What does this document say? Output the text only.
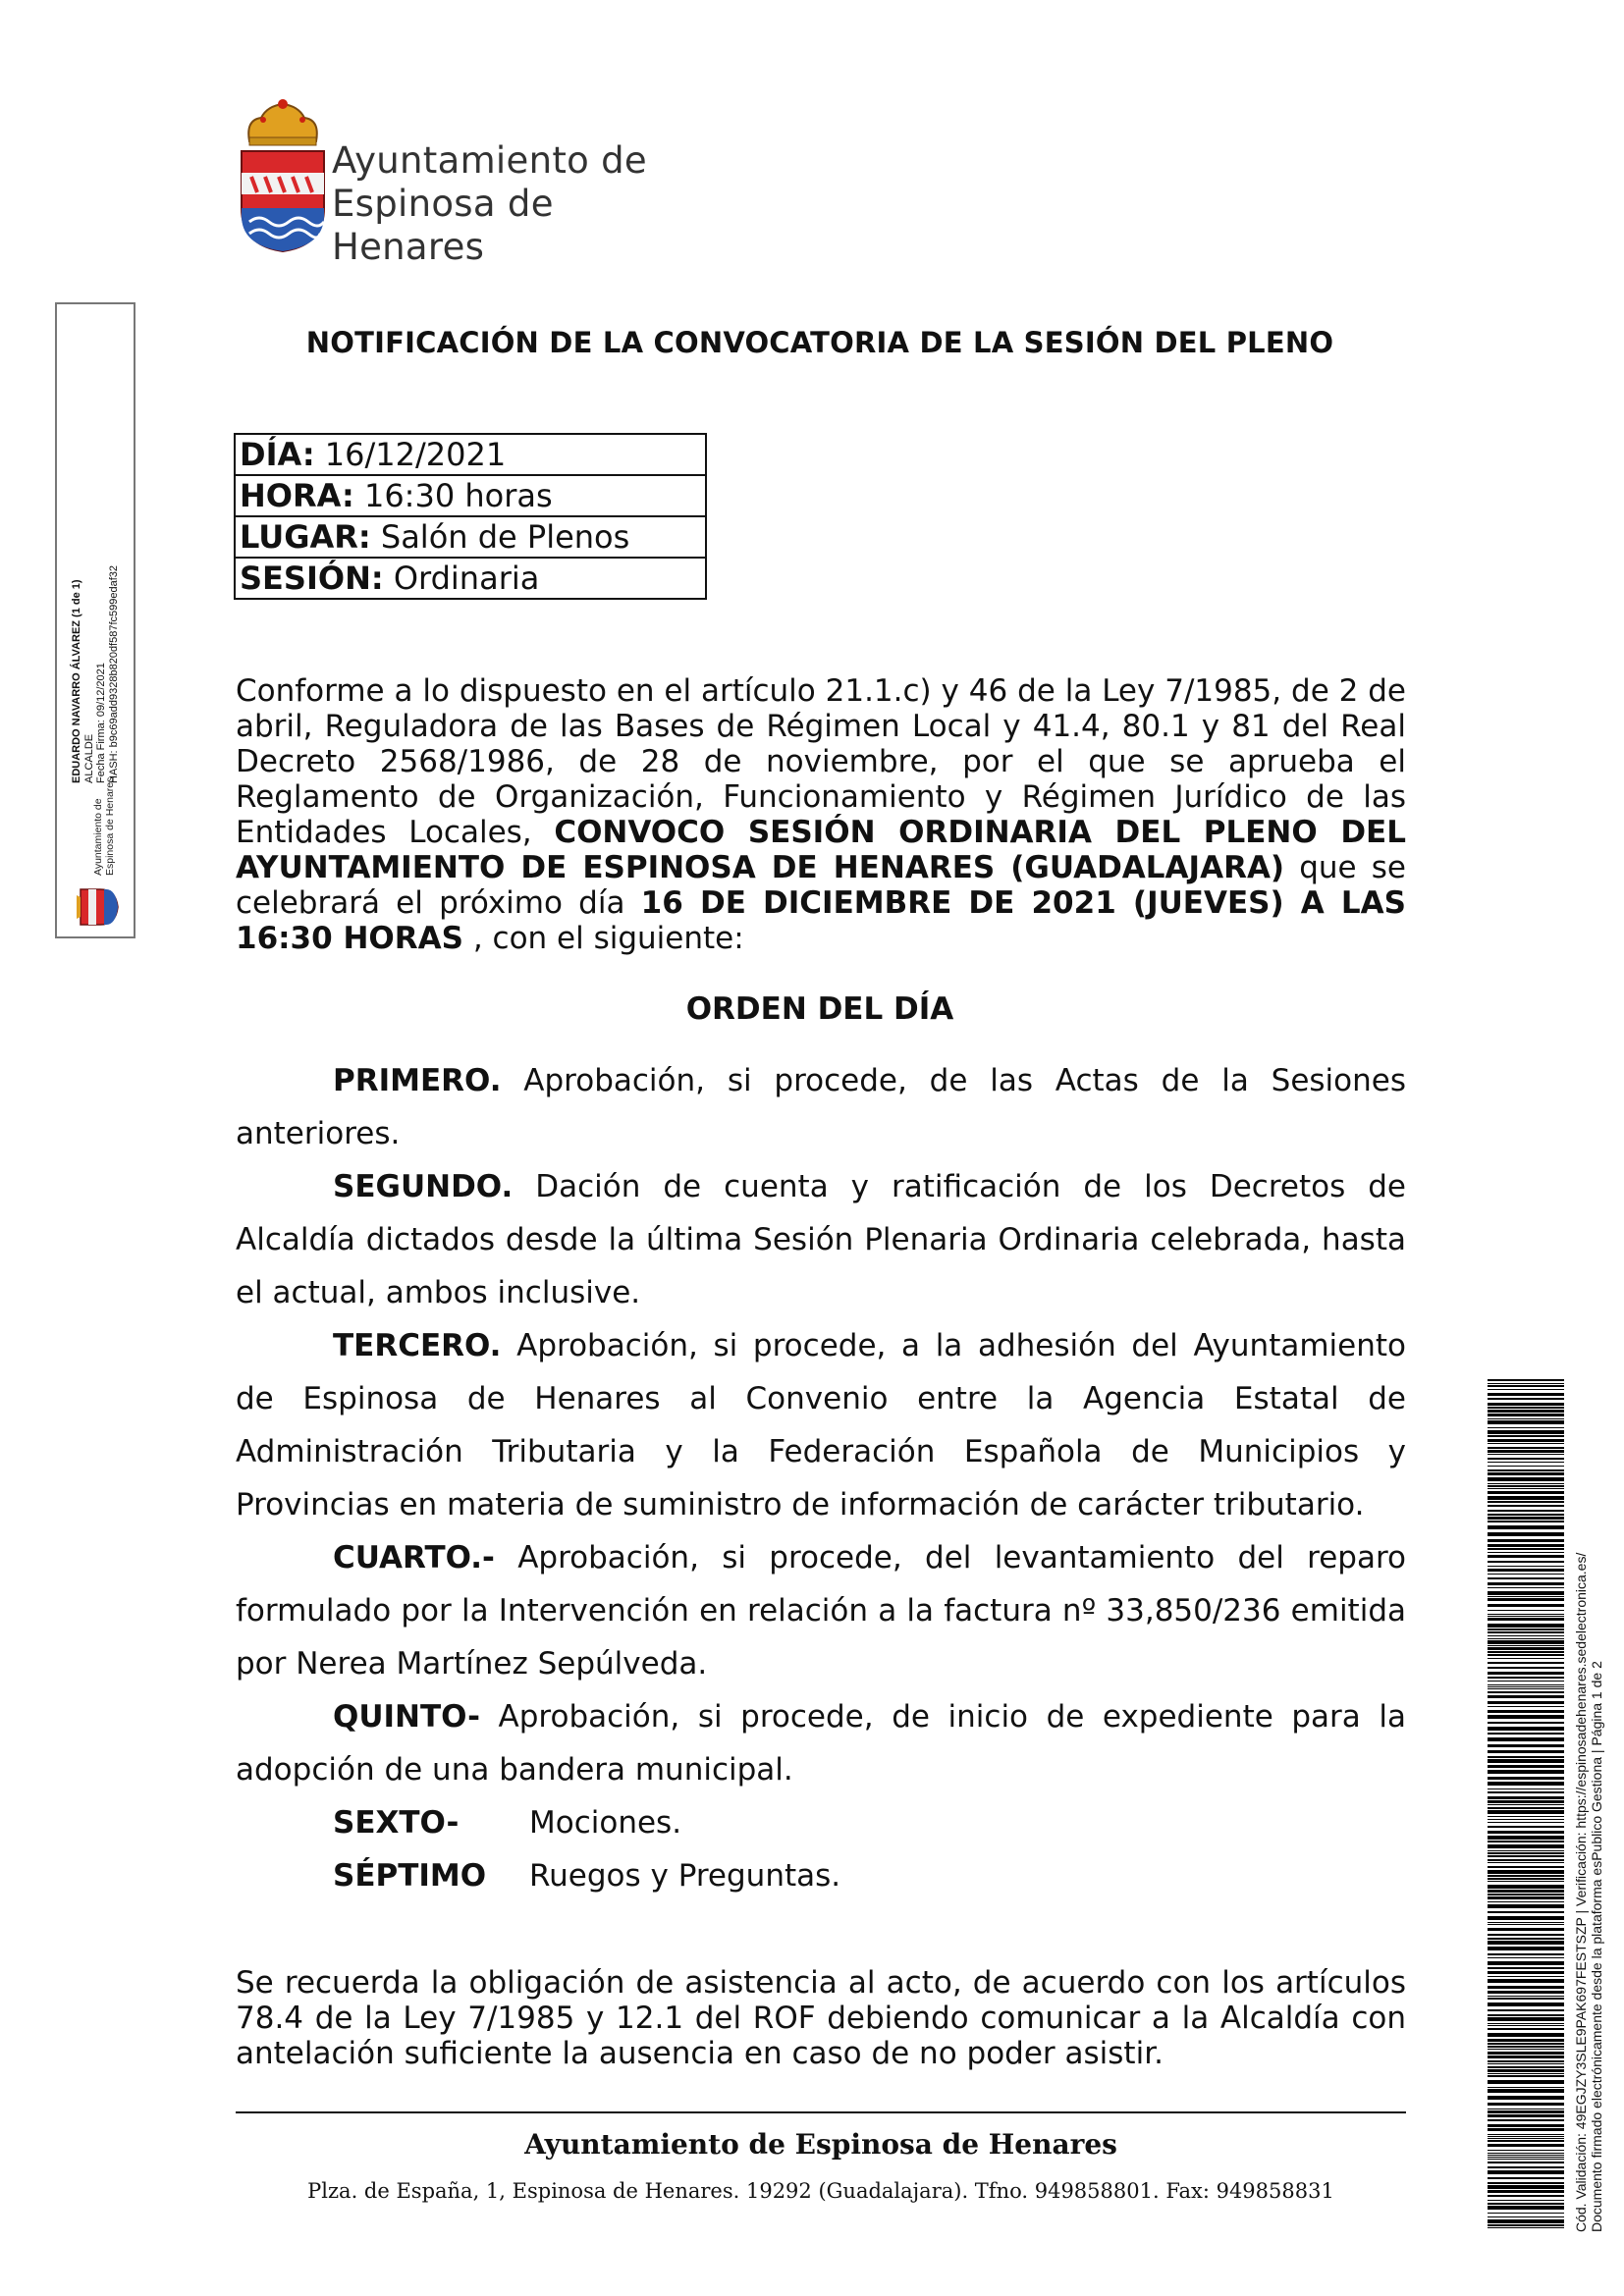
Ayuntamiento de
Espinosa de Henares
Ayuntamiento de Espinosa de Henares
EDUARDO NAVARRO ÁLVAREZ (1 de 1) ALCALDE Fecha Firma: 09/12/2021 HASH: b9c69add9328b820df587fc599edaf32
Cód. Validación: 49EGJZY3SLE9PAK697FESTSZP | Verificación: https://espinosadehenares.sedelectronica.es/ Documento firmado electrónicamente desde la plataforma esPublico Gestiona | Página 1 de 2
NOTIFICACIÓN DE LA CONVOCATORIA DE LA SESIÓN DEL PLENO
DÍA: 16/12/2021
HORA: 16:30 horas
LUGAR: Salón de Plenos
SESIÓN: Ordinaria
Conforme a lo dispuesto en el artículo 21.1.c) y 46 de la Ley 7/1985, de 2 de abril, Reguladora de las Bases de Régimen Local y 41.4, 80.1 y 81 del Real Decreto 2568/1986, de 28 de noviembre, por el que se aprueba el Reglamento de Organización, Funcionamiento y Régimen Jurídico de las Entidades Locales, CONVOCO SESIÓN ORDINARIA DEL PLENO DEL AYUNTAMIENTO DE ESPINOSA DE HENARES (GUADALAJARA) que se celebrará el próximo día 16 DE DICIEMBRE DE 2021 (JUEVES) A LAS 16:30 HORAS , con el siguiente:
ORDEN DEL DÍA
PRIMERO. Aprobación, si procede, de las Actas de la Sesiones anteriores.
SEGUNDO. Dación de cuenta y ratificación de los Decretos de Alcaldía dictados desde la última Sesión Plenaria Ordinaria celebrada, hasta el actual, ambos inclusive.
TERCERO. Aprobación, si procede, a la adhesión del Ayuntamiento de Espinosa de Henares al Convenio entre la Agencia Estatal de Administración Tributaria y la Federación Española de Municipios y Provincias en materia de suministro de información de carácter tributario.
CUARTO.- Aprobación, si procede, del levantamiento del reparo formulado por la Intervención en relación a la factura nº 33,850/236 emitida por Nerea Martínez Sepúlveda.
QUINTO- Aprobación, si procede, de inicio de expediente para la adopción de una bandera municipal.
SEXTO- Mociones.
SÉPTIMO Ruegos y Preguntas.
Se recuerda la obligación de asistencia al acto, de acuerdo con los artículos 78.4 de la Ley 7/1985 y 12.1 del ROF debiendo comunicar a la Alcaldía con antelación suficiente la ausencia en caso de no poder asistir.
Ayuntamiento de Espinosa de Henares
Plza. de España, 1, Espinosa de Henares. 19292 (Guadalajara). Tfno. 949858801. Fax: 949858831
